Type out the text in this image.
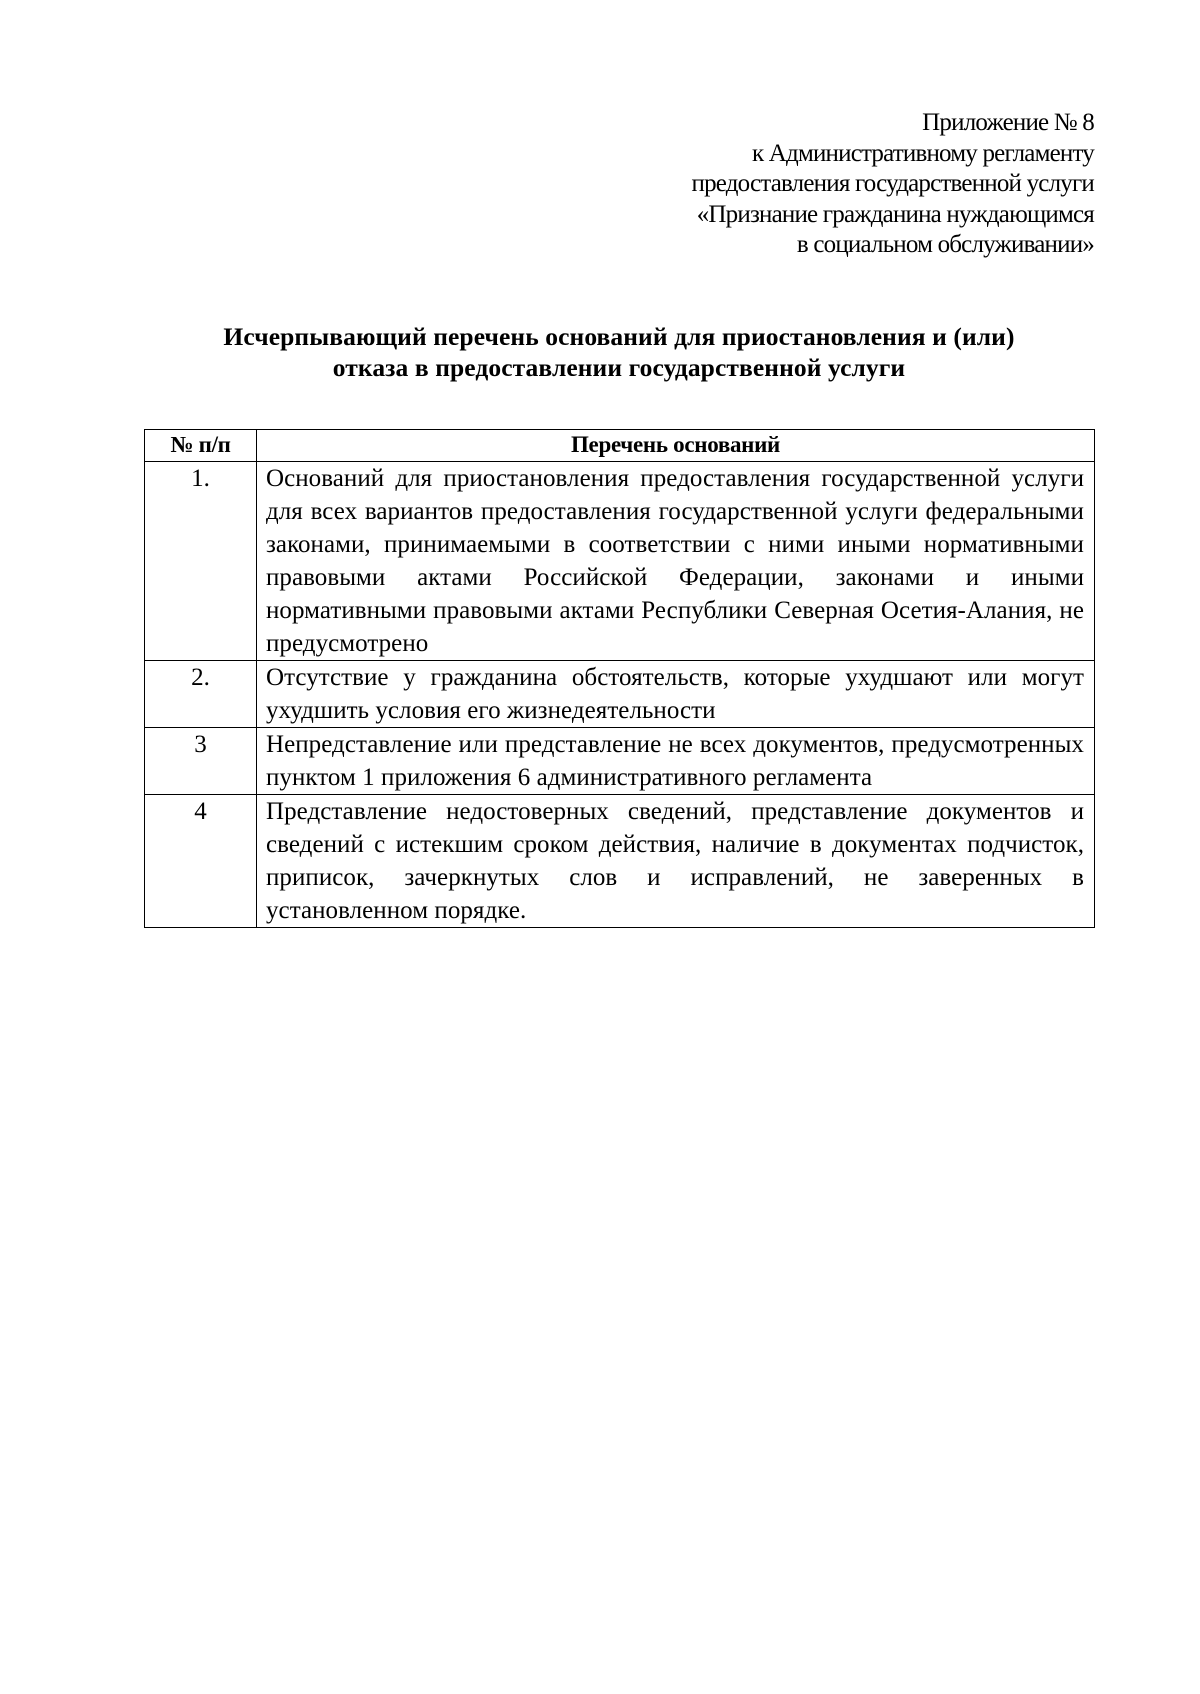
Приложение № 8
к Административному регламенту
предоставления государственной услуги
«Признание гражданина нуждающимся
в социальном обслуживании»
Исчерпывающий перечень оснований для приостановления и (или)
отказа в предоставлении государственной услуги
№ п/п	Перечень оснований
1.	Оснований для приостановления предоставления государственной услуги для всех вариантов предоставления государственной услуги федеральными законами, принимаемыми в соответствии с ними иными нормативными правовыми актами Российской Федерации, законами и иными нормативными правовыми актами Республики Северная Осетия-Алания, не предусмотрено
2.	Отсутствие у гражданина обстоятельств, которые ухудшают или могут ухудшить условия его жизнедеятельности
3	Непредставление или представление не всех документов, предусмотренных пунктом 1 приложения 6 административного регламента
4	Представление недостоверных сведений, представление документов и сведений с истекшим сроком действия, наличие в документах подчисток, приписок, зачеркнутых слов и исправлений, не заверенных в установленном порядке.
